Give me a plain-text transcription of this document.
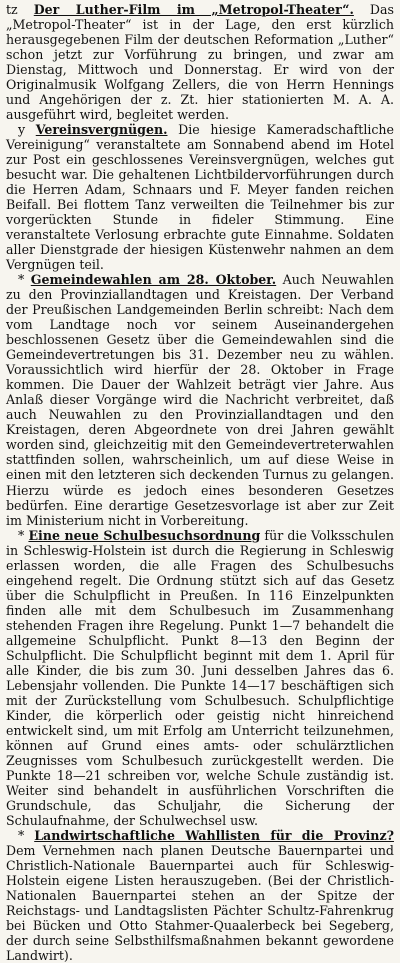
tz Der Luther-Film im „Metropol-Theater“. Das „Metropol-Theater“ ist in der Lage, den erst kürzlich herausgegebenen Film der deutschen Reformation „Luther“ schon jetzt zur Vorführung zu bringen, und zwar am Dienstag, Mittwoch und Donnerstag. Er wird von der Originalmusik Wolfgang Zellers, die von Herrn Hennings und Angehörigen der z. Zt. hier stationierten M. A. A. ausgeführt wird, begleitet werden.

y Vereinsvergnügen. Die hiesige Kameradschaftliche Vereinigung“ veranstaltete am Sonnabend abend im Hotel zur Post ein geschlossenes Vereinsvergnügen, welches gut besucht war. Die gehaltenen Lichtbildervorführungen durch die Herren Adam, Schnaars und F. Meyer fanden reichen Beifall. Bei flottem Tanz verweilten die Teilnehmer bis zur vorgerückten Stunde in fideler Stimmung. Eine veranstaltete Verlosung erbrachte gute Einnahme. Soldaten aller Dienstgrade der hiesigen Küstenwehr nahmen an dem Vergnügen teil.

* Gemeindewahlen am 28. Oktober. Auch Neuwahlen zu den Provinziallandtagen und Kreistagen. Der Verband der Preußischen Landgemeinden Berlin schreibt: Nach dem vom Landtage noch vor seinem Auseinandergehen beschlossenen Gesetz über die Gemeindewahlen sind die Gemeindevertretungen bis 31. Dezember neu zu wählen. Voraussichtlich wird hierfür der 28. Oktober in Frage kommen. Die Dauer der Wahlzeit beträgt vier Jahre. Aus Anlaß dieser Vorgänge wird die Nachricht verbreitet, daß auch Neuwahlen zu den Provinziallandtagen und den Kreistagen, deren Abgeordnete von drei Jahren gewählt worden sind, gleichzeitig mit den Gemeindevertreterwahlen stattfinden sollen, wahrscheinlich, um auf diese Weise in einen mit den letzteren sich deckenden Turnus zu gelangen. Hierzu würde es jedoch eines besonderen Gesetzes bedürfen. Eine derartige Gesetzesvorlage ist aber zur Zeit im Ministerium nicht in Vorbereitung.

* Eine neue Schulbesuchsordnung für die Volksschulen in Schleswig-Holstein ist durch die Regierung in Schleswig erlassen worden, die alle Fragen des Schulbesuchs eingehend regelt. Die Ordnung stützt sich auf das Gesetz über die Schulpflicht in Preußen. In 116 Einzelpunkten finden alle mit dem Schulbesuch im Zusammenhang stehenden Fragen ihre Regelung. Punkt 1—7 behandelt die allgemeine Schulpflicht. Punkt 8—13 den Beginn der Schulpflicht. Die Schulpflicht beginnt mit dem 1. April für alle Kinder, die bis zum 30. Juni desselben Jahres das 6. Lebensjahr vollenden. Die Punkte 14—17 beschäftigen sich mit der Zurückstellung vom Schulbesuch. Schulpflichtige Kinder, die körperlich oder geistig nicht hinreichend entwickelt sind, um mit Erfolg am Unterricht teilzunehmen, können auf Grund eines amts- oder schulärztlichen Zeugnisses vom Schulbesuch zurückgestellt werden. Die Punkte 18—21 schreiben vor, welche Schule zuständig ist. Weiter sind behandelt in ausführlichen Vorschriften die Grundschule, das Schuljahr, die Sicherung der Schulaufnahme, der Schulwechsel usw.

* Landwirtschaftliche Wahllisten für die Provinz? Dem Vernehmen nach planen Deutsche Bauernpartei und Christlich-Nationale Bauernpartei auch für Schleswig-Holstein eigene Listen herauszugeben. (Bei der Christlich-Nationalen Bauernpartei stehen an der Spitze der Reichstags- und Landtagslisten Pächter Schultz-Fahrenkrug bei Bücken und Otto Stahmer-Quaalerbeck bei Segeberg, der durch seine Selbsthilfsmaßnahmen bekannt gewordene Landwirt).
